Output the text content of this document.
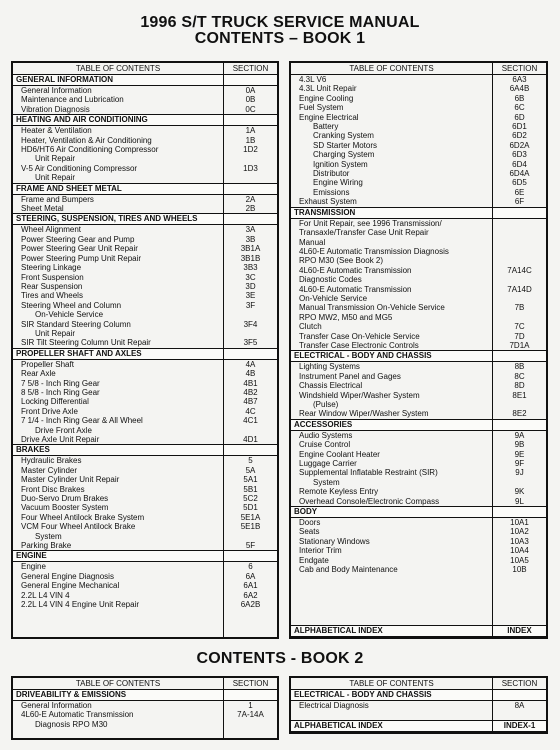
1996 S/T TRUCK SERVICE MANUAL
CONTENTS – BOOK 1
TABLE OF CONTENTS	SECTION
GENERAL INFORMATION
General Information	0A
Maintenance and Lubrication	0B
Vibration Diagnosis	0C
HEATING AND AIR CONDITIONING
Heater & Ventilation	1A
Heater, Ventilation & Air Conditioning	1B
HD6/HT6 Air Conditioning Compressor	1D2
Unit Repair
V-5 Air Conditioning Compressor	1D3
Unit Repair
FRAME AND SHEET METAL
Frame and Bumpers	2A
Sheet Metal	2B
STEERING, SUSPENSION, TIRES AND WHEELS
Wheel Alignment	3A
Power Steering Gear and Pump	3B
Power Steering Gear Unit Repair	3B1A
Power Steering Pump Unit Repair	3B1B
Steering Linkage	3B3
Front Suspension	3C
Rear Suspension	3D
Tires and Wheels	3E
Steering Wheel and Column	3F
On-Vehicle Service
SIR Standard Steering Column	3F4
Unit Repair
SIR Tilt Steering Column Unit Repair	3F5
PROPELLER SHAFT AND AXLES
Propeller Shaft	4A
Rear Axle	4B
7 5/8 - Inch Ring Gear	4B1
8 5/8 - Inch Ring Gear	4B2
Locking Differential	4B7
Front Drive Axle	4C
7 1/4 - Inch Ring Gear & All Wheel	4C1
Drive Front Axle
Drive Axle Unit Repair	4D1
BRAKES
Hydraulic Brakes	5
Master Cylinder	5A
Master Cylinder Unit Repair	5A1
Front Disc Brakes	5B1
Duo-Servo Drum Brakes	5C2
Vacuum Booster System	5D1
Four Wheel Antilock Brake System	5E1A
VCM Four Wheel Antilock Brake	5E1B
System
Parking Brake	5F
ENGINE
Engine	6
General Engine Diagnosis	6A
General Engine Mechanical	6A1
2.2L L4 VIN 4	6A2
2.2L L4 VIN 4 Engine Unit Repair	6A2B
TABLE OF CONTENTS	SECTION
4.3L V6	6A3
4.3L Unit Repair	6A4B
Engine Cooling	6B
Fuel System	6C
Engine Electrical	6D
Battery	6D1
Cranking System	6D2
SD Starter Motors	6D2A
Charging System	6D3
Ignition System	6D4
Distributor	6D4A
Engine Wiring	6D5
Emissions	6E
Exhaust System	6F
TRANSMISSION
For Unit Repair, see 1996 Transmission/
Transaxle/Transfer Case Unit Repair
Manual
4L60-E Automatic Transmission Diagnosis
RPO M30 (See Book 2)
4L60-E Automatic Transmission	7A14C
Diagnostic Codes
4L60-E Automatic Transmission	7A14D
On-Vehicle Service
Manual Transmission On-Vehicle Service	7B
RPO MW2, M50 and MG5
Clutch	7C
Transfer Case On-Vehicle Service	7D
Transfer Case Electronic Controls	7D1A
ELECTRICAL - BODY AND CHASSIS
Lighting Systems	8B
Instrument Panel and Gages	8C
Chassis Electrical	8D
Windshield Wiper/Washer System	8E1
(Pulse)
Rear Window Wiper/Washer System	8E2
ACCESSORIES
Audio Systems	9A
Cruise Control	9B
Engine Coolant Heater	9E
Luggage Carrier	9F
Supplemental Inflatable Restraint (SIR)	9J
System
Remote Keyless Entry	9K
Overhead Console/Electronic Compass	9L
BODY
Doors	10A1
Seats	10A2
Stationary Windows	10A3
Interior Trim	10A4
Endgate	10A5
Cab and Body Maintenance	10B
ALPHABETICAL INDEX	INDEX
CONTENTS - BOOK 2
TABLE OF CONTENTS	SECTION
DRIVEABILITY & EMISSIONS
General Information	1
4L60-E Automatic Transmission	7A-14A
Diagnosis RPO M30
TABLE OF CONTENTS	SECTION
ELECTRICAL - BODY AND CHASSIS
Electrical Diagnosis	8A
ALPHABETICAL INDEX	INDEX-1
